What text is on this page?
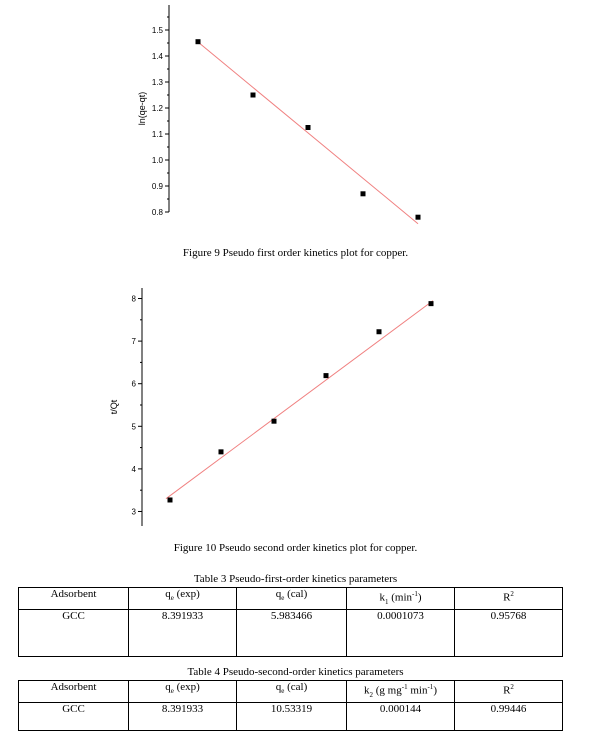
0.8
0.9
1.0
1.1
1.2
1.3
1.4
1.5
ln(qe-qt)
Figure 9 Pseudo first order kinetics plot for copper.
3
4
5
6
7
8
t/Qt
Figure 10 Pseudo second order kinetics plot for copper.
Table 3 Pseudo-first-order kinetics parameters
Adsorbent	$q_e$ (exp)	$q_e$ (cal)	$k_1$ $(\min^{-1})$	$R^2$
GCC	8.391933	5.983466	0.0001073	0.95768
Table 4 Pseudo-second-order kinetics parameters
Adsorbent	$q_e$ (exp)	$q_e$ (cal)	$k_2$ (g $mg^{-1}$ $\min^{-1}$)	$R^2$
GCC	8.391933	10.53319	0.000144	0.99446
